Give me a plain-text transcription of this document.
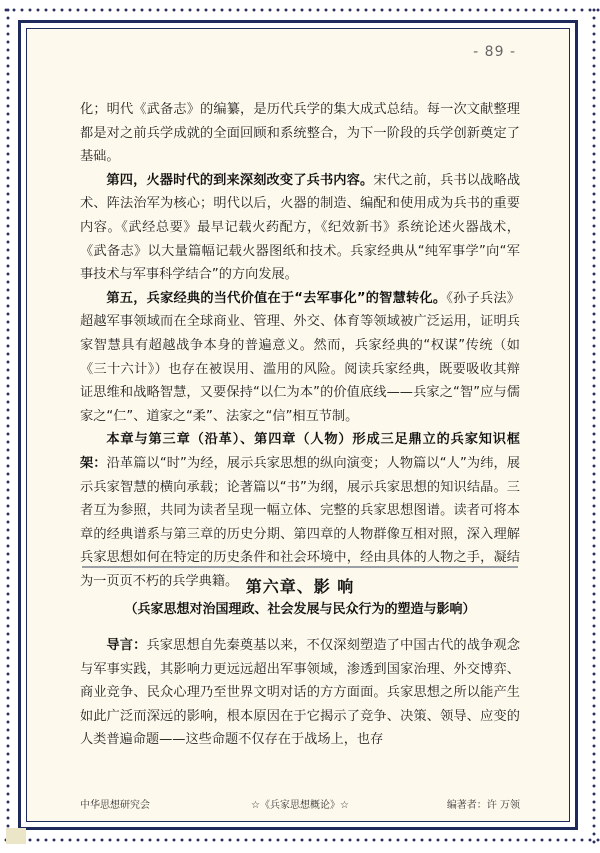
- 89 -

化；明代《武备志》的编纂，是历代兵学的集大成式总结。每一次文献整理都是对之前兵学成就的全面回顾和系统整合，为下一阶段的兵学创新奠定了基础。

第四，火器时代的到来深刻改变了兵书内容。宋代之前，兵书以战略战术、阵法治军为核心；明代以后，火器的制造、编配和使用成为兵书的重要内容。《武经总要》最早记载火药配方，《纪效新书》系统论述火器战术，《武备志》以大量篇幅记载火器图纸和技术。兵家经典从“纯军事学”向“军事技术与军事科学结合”的方向发展。

第五，兵家经典的当代价值在于“去军事化”的智慧转化。《孙子兵法》超越军事领域而在全球商业、管理、外交、体育等领域被广泛运用，证明兵家智慧具有超越战争本身的普遍意义。然而，兵家经典的“权谋”传统（如《三十六计》）也存在被误用、滥用的风险。阅读兵家经典，既要吸收其辩证思维和战略智慧，又要保持“以仁为本”的价值底线——兵家之“智”应与儒家之“仁”、道家之“柔”、法家之“信”相互节制。

本章与第三章（沿革）、第四章（人物）形成三足鼎立的兵家知识框架：沿革篇以“时”为经，展示兵家思想的纵向演变；人物篇以“人”为纬，展示兵家智慧的横向承载；论著篇以“书”为纲，展示兵家思想的知识结晶。三者互为参照，共同为读者呈现一幅立体、完整的兵家思想图谱。读者可将本章的经典谱系与第三章的历史分期、第四章的人物群像互相对照，深入理解兵家思想如何在特定的历史条件和社会环境中，经由具体的人物之手，凝结为一页页不朽的兵学典籍。 第六章、影 响
（兵家思想对治国理政、社会发展与民众行为的塑造与影响）

导言：兵家思想自先秦奠基以来，不仅深刻塑造了中国古代的战争观念与军事实践，其影响力更远远超出军事领域，渗透到国家治理、外交博弈、商业竞争、民众心理乃至世界文明对话的方方面面。兵家思想之所以能产生如此广泛而深远的影响，根本原因在于它揭示了竞争、决策、领导、应变的人类普遍命题——这些命题不仅存在于战场上，也存

中华思想研究会	☆《兵家思想概论》☆	编著者：许 万领
